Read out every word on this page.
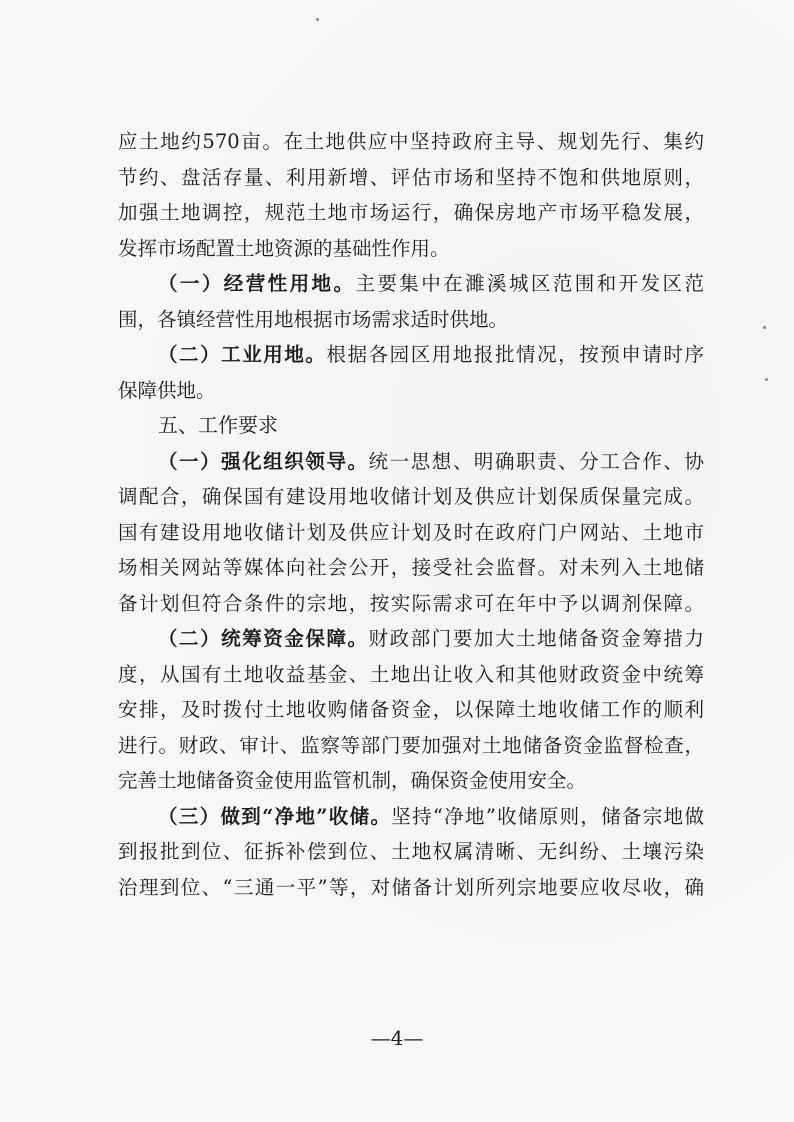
应土地约570亩。在土地供应中坚持政府主导、规划先行、集约
节约、盘活存量、利用新增、评估市场和坚持不饱和供地原则，
加强土地调控，规范土地市场运行，确保房地产市场平稳发展，
发挥市场配置土地资源的基础性作用。
（一）经营性用地。主要集中在濉溪城区范围和开发区范
围，各镇经营性用地根据市场需求适时供地。
（二）工业用地。根据各园区用地报批情况，按预申请时序
保障供地。
五、工作要求
（一）强化组织领导。统一思想、明确职责、分工合作、协
调配合，确保国有建设用地收储计划及供应计划保质保量完成。
国有建设用地收储计划及供应计划及时在政府门户网站、土地市
场相关网站等媒体向社会公开，接受社会监督。对未列入土地储
备计划但符合条件的宗地，按实际需求可在年中予以调剂保障。
（二）统筹资金保障。财政部门要加大土地储备资金筹措力
度，从国有土地收益基金、土地出让收入和其他财政资金中统筹
安排，及时拨付土地收购储备资金，以保障土地收储工作的顺利
进行。财政、审计、监察等部门要加强对土地储备资金监督检查，
完善土地储备资金使用监管机制，确保资金使用安全。
（三）做到“净地”收储。坚持“净地”收储原则，储备宗地做
到报批到位、征拆补偿到位、土地权属清晰、无纠纷、土壤污染
治理到位、“三通一平”等，对储备计划所列宗地要应收尽收，确
—4—
